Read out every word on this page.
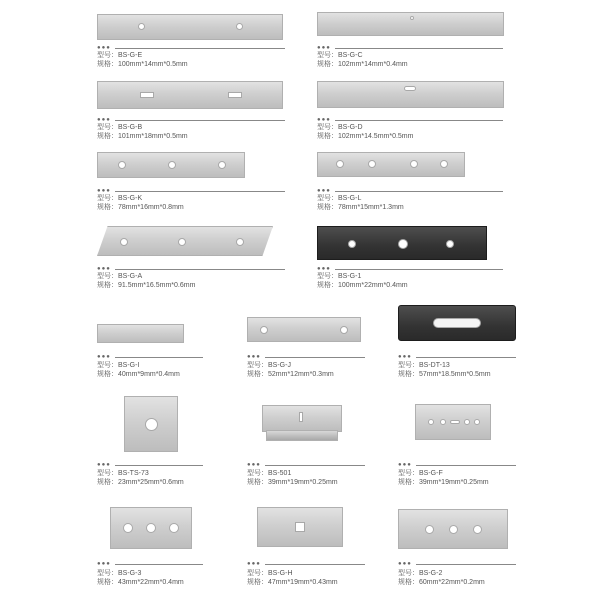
●●●
型号：BS-G-E
规格：100mm*14mm*0.5mm
●●●
型号：BS-G-C
规格：102mm*14mm*0.4mm
●●●
型号：BS-G-B
规格：101mm*18mm*0.5mm
●●●
型号：BS-G-D
规格：102mm*14.5mm*0.5mm
●●●
型号：BS-G-K
规格：78mm*16mm*0.8mm
●●●
型号：BS-G-L
规格：78mm*15mm*1.3mm
●●●
型号：BS-G-A
规格：91.5mm*16.5mm*0.6mm
●●●
型号：BS-G-1
规格：100mm*22mm*0.4mm
●●●
型号：BS-G-I
规格：40mm*9mm*0.4mm
●●●
型号：BS-G-J
规格：52mm*12mm*0.3mm
●●●
型号：BS-DT-13
规格：57mm*18.5mm*0.5mm
●●●
型号：BS-TS-73
规格：23mm*25mm*0.6mm
●●●
型号：BS-501
规格：39mm*19mm*0.25mm
●●●
型号：BS-G-F
规格：39mm*19mm*0.25mm
●●●
型号：BS-G-3
规格：43mm*22mm*0.4mm
●●●
型号：BS-G-H
规格：47mm*19mm*0.43mm
●●●
型号：BS-G-2
规格：60mm*22mm*0.2mm
